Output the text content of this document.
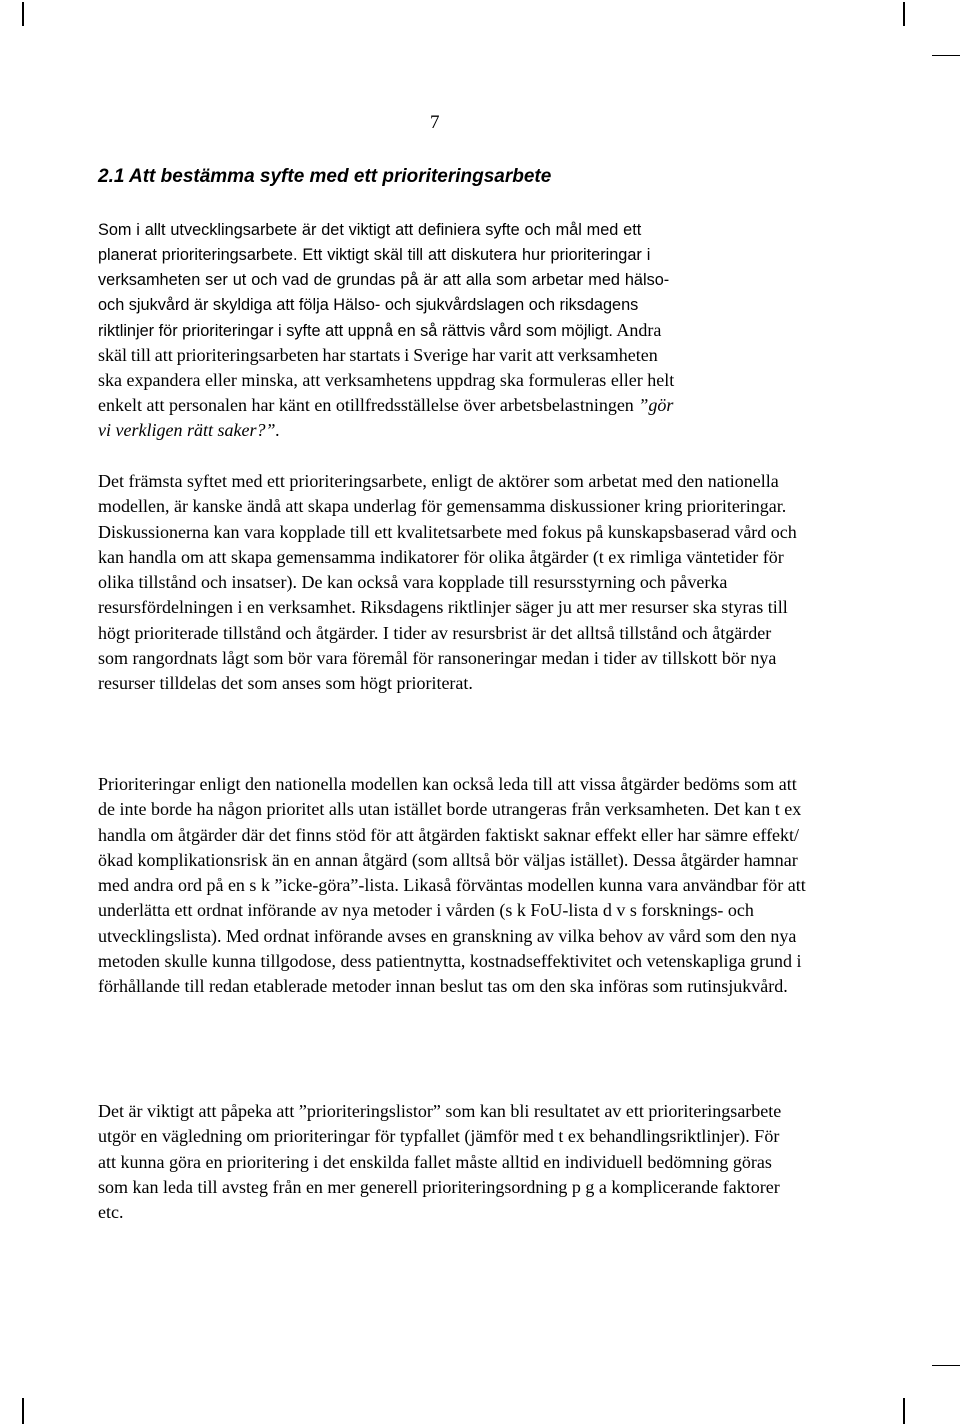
7
2.1 Att bestämma syfte med ett prioriteringsarbete
Som i allt utvecklingsarbete är det viktigt att definiera syfte och mål med ett
planerat prioriteringsarbete. Ett viktigt skäl till att diskutera hur prioriteringar i
verksamheten ser ut och vad de grundas på är att alla som arbetar med hälso-
och sjukvård är skyldiga att följa Hälso- och sjukvårdslagen och riksdagens
riktlinjer för prioriteringar i syfte att uppnå en så rättvis vård som möjligt. Andra
skäl till att prioriteringsarbeten har startats i Sverige har varit att verksamheten
ska expandera eller minska, att verksamhetens uppdrag ska formuleras eller helt
enkelt att personalen har känt en otillfredsställelse över arbetsbelastningen ”gör
vi verkligen rätt saker?”.

Det främsta syftet med ett prioriteringsarbete, enligt de aktörer som arbetat med den nationella modellen, är kanske ändå att skapa underlag för gemensamma diskussioner kring prioriteringar. Diskussionerna kan vara kopplade till ett kvalitetsarbete med fokus på kunskapsbaserad vård och kan handla om att skapa gemensamma indikatorer för olika åtgärder (t ex rimliga väntetider för olika tillstånd och insatser). De kan också vara kopplade till resursstyrning och påverka resursfördelningen i en verksamhet. Riksdagens riktlinjer säger ju att mer resurser ska styras till högt prioriterade tillstånd och åtgärder. I tider av resursbrist är det alltså tillstånd och åtgärder som rangordnats lågt som bör vara föremål för ransoneringar medan i tider av tillskott bör nya resurser tilldelas det som anses som högt prioriterat.

Prioriteringar enligt den nationella modellen kan också leda till att vissa åtgärder bedöms som att de inte borde ha någon prioritet alls utan istället borde utrangeras från verksamheten. Det kan t ex handla om åtgärder där det finns stöd för att åtgärden faktiskt saknar effekt eller har sämre effekt/ökad komplikationsrisk än en annan åtgärd (som alltså bör väljas istället). Dessa åtgärder hamnar med andra ord på en s k ”icke-göra”-lista. Likaså förväntas modellen kunna vara användbar för att underlätta ett ordnat införande av nya metoder i vården (s k FoU-lista d v s forsknings- och utvecklingslista). Med ordnat införande avses en granskning av vilka behov av vård som den nya metoden skulle kunna tillgodose, dess patientnytta, kostnadseffektivitet och vetenskapliga grund i förhållande till redan etablerade metoder innan beslut tas om den ska införas som rutinsjukvård.

Det är viktigt att påpeka att ”prioriteringslistor” som kan bli resultatet av ett prioriteringsarbete utgör en vägledning om prioriteringar för typfallet (jämför med t ex behandlingsriktlinjer). För att kunna göra en prioritering i det enskilda fallet måste alltid en individuell bedömning göras som kan leda till avsteg från en mer generell prioriteringsordning p g a komplicerande faktorer etc.
